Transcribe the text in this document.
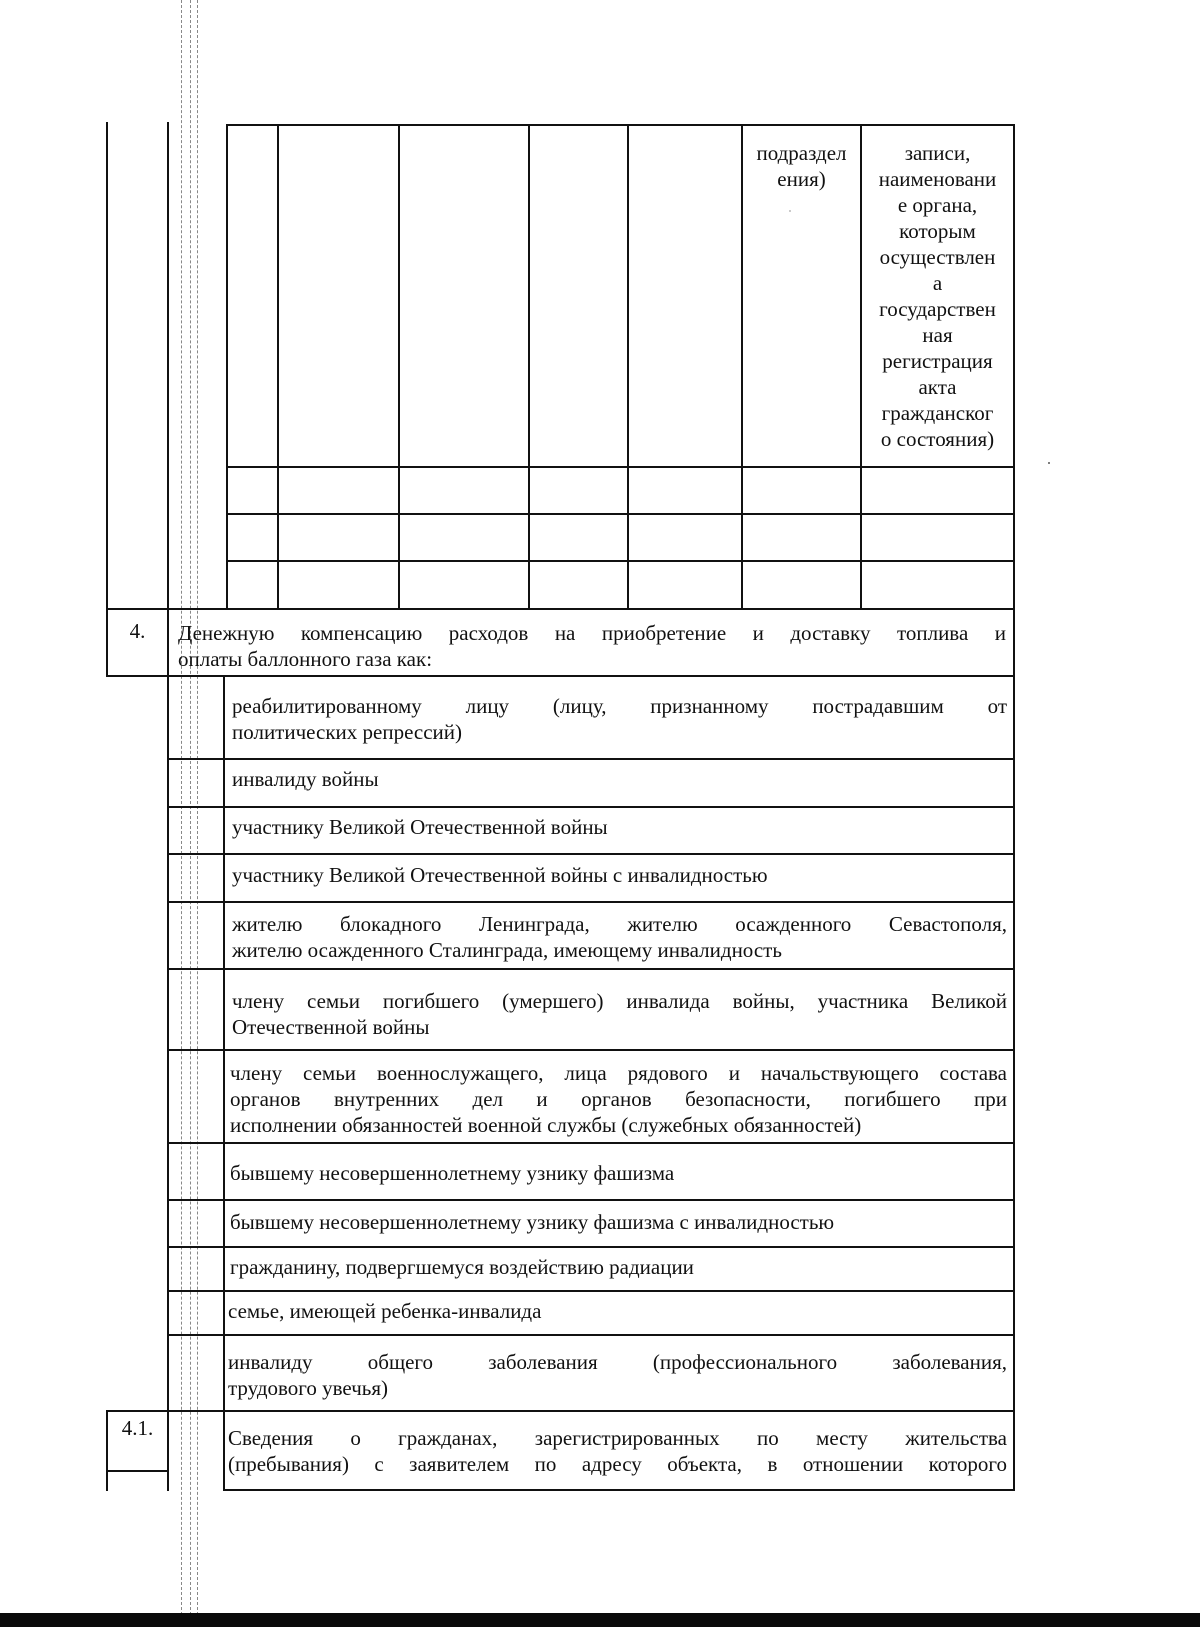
подраздел ения)
записи,
наименовани
е органа,
которым
осуществлен
а
государствен
ная
регистрация
акта
гражданског
о состояния)
4.	Денежную компенсацию расходов на приобретение и доставку топлива и
оплаты баллонного газа как:
реабилитированному лицу (лицу, признанному пострадавшим от
политических репрессий)
инвалиду войны
участнику Великой Отечественной войны
участнику Великой Отечественной войны с инвалидностью
жителю блокадного Ленинграда, жителю осажденного Севастополя,
жителю осажденного Сталинграда, имеющему инвалидность
члену семьи погибшего (умершего) инвалида войны, участника Великой
Отечественной войны
члену семьи военнослужащего, лица рядового и начальствующего состава
органов внутренних дел и органов безопасности, погибшего при
исполнении обязанностей военной службы (служебных обязанностей)
бывшему несовершеннолетнему узнику фашизма
бывшему несовершеннолетнему узнику фашизма с инвалидностью
гражданину, подвергшемуся воздействию радиации
семье, имеющей ребенка-инвалида
инвалиду общего заболевания (профессионального заболевания,
трудового увечья)
4.1.	Сведения о гражданах, зарегистрированных по месту жительства
(пребывания) с заявителем по адресу объекта, в отношении которого
